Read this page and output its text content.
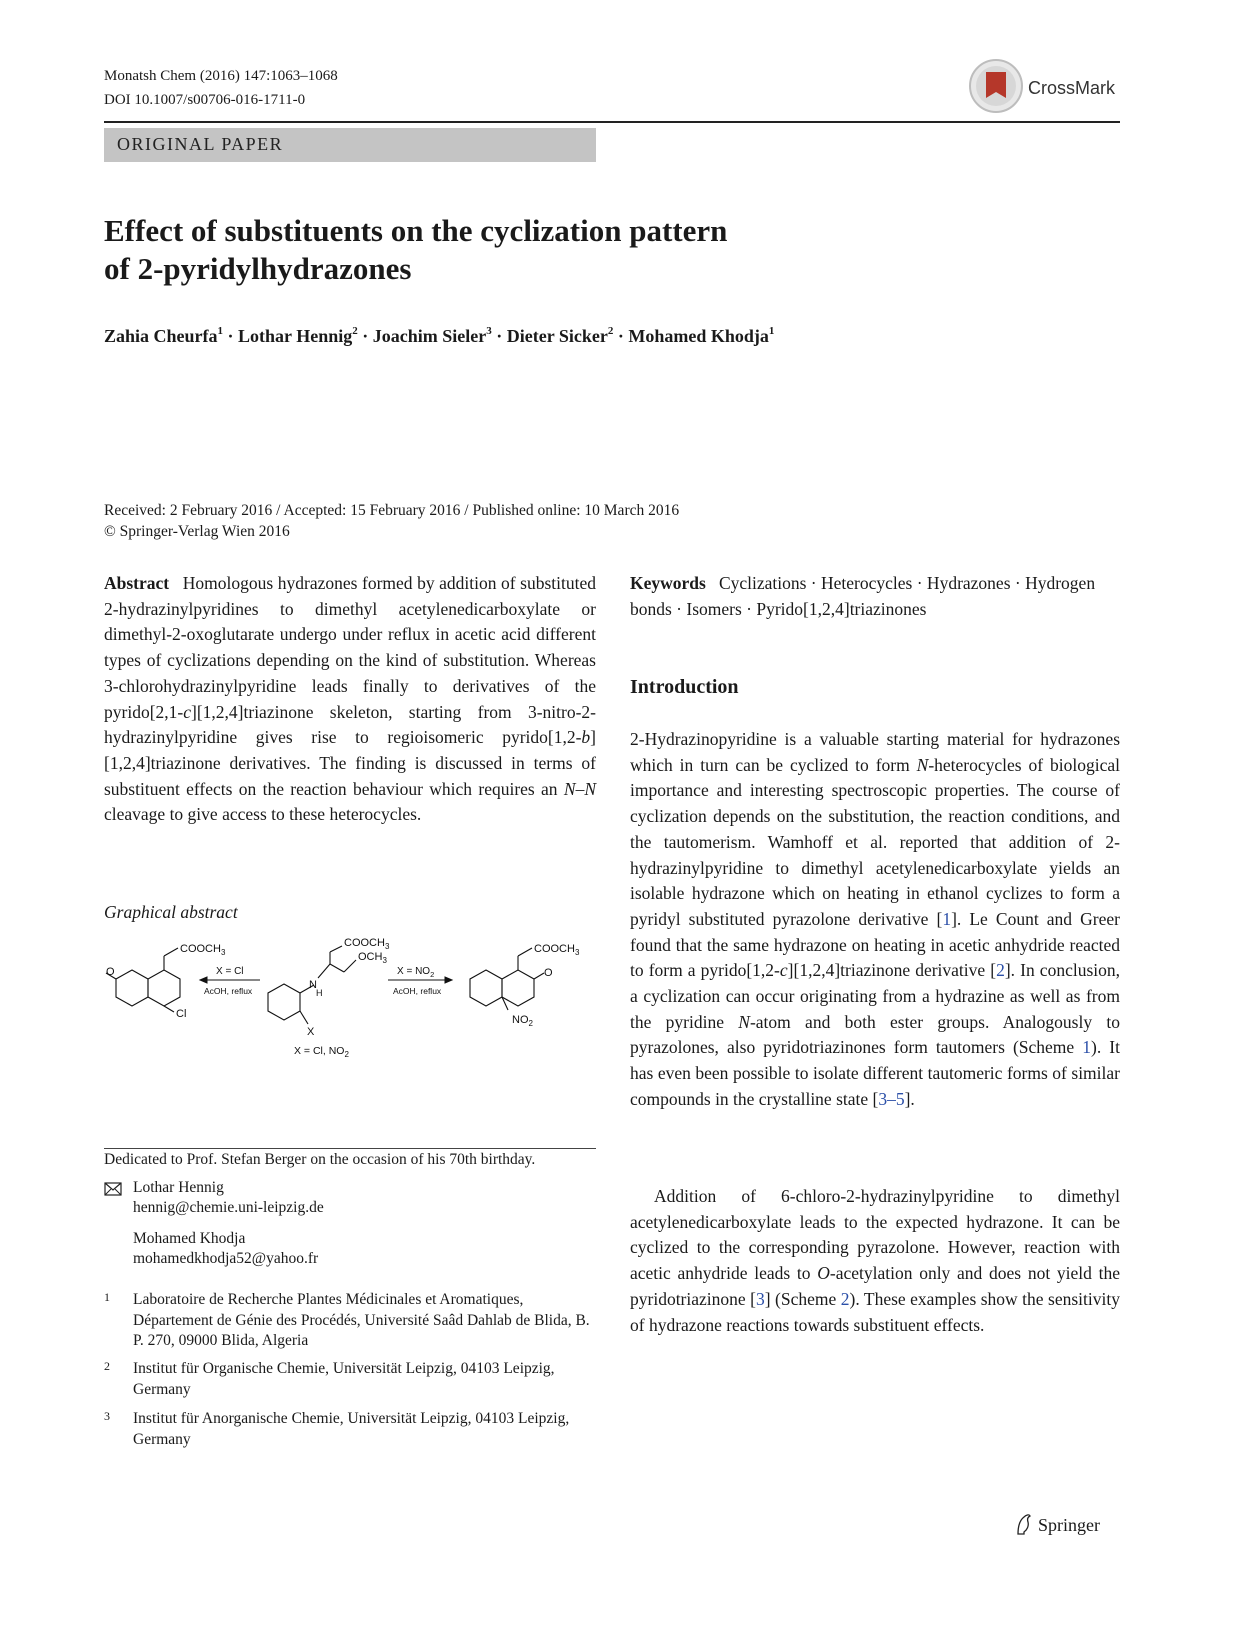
Monatsh Chem (2016) 147:1063–1068
DOI 10.1007/s00706-016-1711-0
CrossMark
ORIGINAL PAPER
Effect of substituents on the cyclization pattern
of 2-pyridylhydrazones
Zahia Cheurfa$^1$ · Lothar Hennig$^2$ · Joachim Sieler$^3$ · Dieter Sicker$^2$ · Mohamed Khodja$^1$
Received: 2 February 2016 / Accepted: 15 February 2016 / Published online: 10 March 2016
© Springer-Verlag Wien 2016
Abstract Homologous hydrazones formed by addition of substituted 2-hydrazinylpyridines to dimethyl acetylenedicarboxylate or dimethyl-2-oxoglutarate undergo under reflux in acetic acid different types of cyclizations depending on the kind of substitution. Whereas 3-chlorohydrazinylpyridine leads finally to derivatives of the pyrido[2,1-c][1,2,4]triazinone skeleton, starting from 3-nitro-2-hydrazinylpyridine gives rise to regioisomeric pyrido[1,2-b][1,2,4]triazinone derivatives. The finding is discussed in terms of substituent effects on the reaction behaviour which requires an N–N cleavage to give access to these heterocycles.
Graphical abstract
O
$COOCH_3$
Cl
X = Cl
AcOH, reflux
$COOCH_3$
$OCH_3$
N
H
X
X = Cl, $NO_2$
$X = NO_2$
AcOH, reflux
$COOCH_3$
O
$NO_2$
Dedicated to Prof. Stefan Berger on the occasion of his 70th birthday.
Lothar Hennig
hennig@chemie.uni-leipzig.de
Mohamed Khodja
mohamedkhodja52@yahoo.fr
1 Laboratoire de Recherche Plantes Médicinales et Aromatiques, Département de Génie des Procédés, Université Saâd Dahlab de Blida, B. P. 270, 09000 Blida, Algeria
2 Institut für Organische Chemie, Universität Leipzig, 04103 Leipzig, Germany
3 Institut für Anorganische Chemie, Universität Leipzig, 04103 Leipzig, Germany
Keywords Cyclizations · Heterocycles · Hydrazones · Hydrogen bonds · Isomers · Pyrido[1,2,4]triazinones
Introduction
2-Hydrazinopyridine is a valuable starting material for hydrazones which in turn can be cyclized to form N-heterocycles of biological importance and interesting spectroscopic properties. The course of cyclization depends on the substitution, the reaction conditions, and the tautomerism. Wamhoff et al. reported that addition of 2-hydrazinylpyridine to dimethyl acetylenedicarboxylate yields an isolable hydrazone which on heating in ethanol cyclizes to form a pyridyl substituted pyrazolone derivative [1]. Le Count and Greer found that the same hydrazone on heating in acetic anhydride reacted to form a pyrido[1,2-c][1,2,4]triazinone derivative [2]. In conclusion, a cyclization can occur originating from a hydrazine as well as from the pyridine N-atom and both ester groups. Analogously to pyrazolones, also pyridotriazinones form tautomers (Scheme 1). It has even been possible to isolate different tautomeric forms of similar compounds in the crystalline state [3–5].
Addition of 6-chloro-2-hydrazinylpyridine to dimethyl acetylenedicarboxylate leads to the expected hydrazone. It can be cyclized to the corresponding pyrazolone. However, reaction with acetic anhydride leads to O-acetylation only and does not yield the pyridotriazinone [3] (Scheme 2). These examples show the sensitivity of hydrazone reactions towards substituent effects.
Springer
